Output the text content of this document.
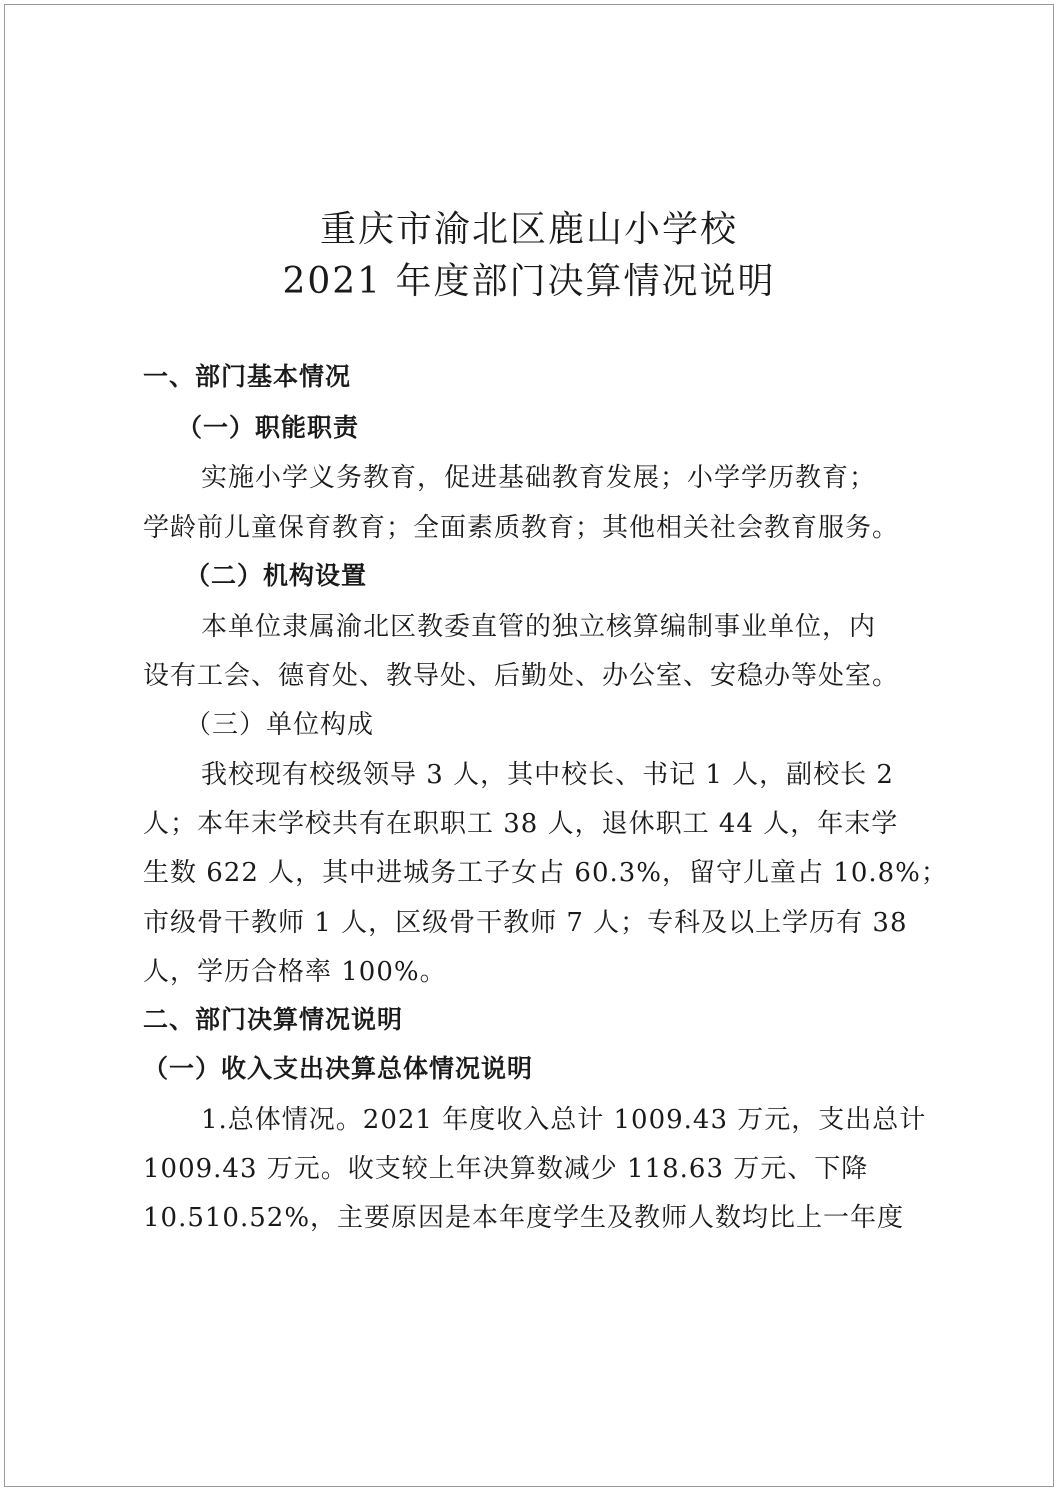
重庆市渝北区鹿山小学校
2021 年度部门决算情况说明
一、部门基本情况
（一）职能职责
实施小学义务教育，促进基础教育发展；小学学历教育；
学龄前儿童保育教育；全面素质教育；其他相关社会教育服务。
（二）机构设置
本单位隶属渝北区教委直管的独立核算编制事业单位，内
设有工会、德育处、教导处、后勤处、办公室、安稳办等处室。
（三）单位构成
我校现有校级领导 3 人，其中校长、书记 1 人，副校长 2
人；本年末学校共有在职职工 38 人，退休职工 44 人，年末学
生数 622 人，其中进城务工子女占 60.3%，留守儿童占 10.8%；
市级骨干教师 1 人，区级骨干教师 7 人；专科及以上学历有 38
人，学历合格率 100%。
二、部门决算情况说明
（一）收入支出决算总体情况说明
1.总体情况。2021 年度收入总计 1009.43 万元，支出总计
1009.43 万元。收支较上年决算数减少 118.63 万元、下降
10.510.52%，主要原因是本年度学生及教师人数均比上一年度
